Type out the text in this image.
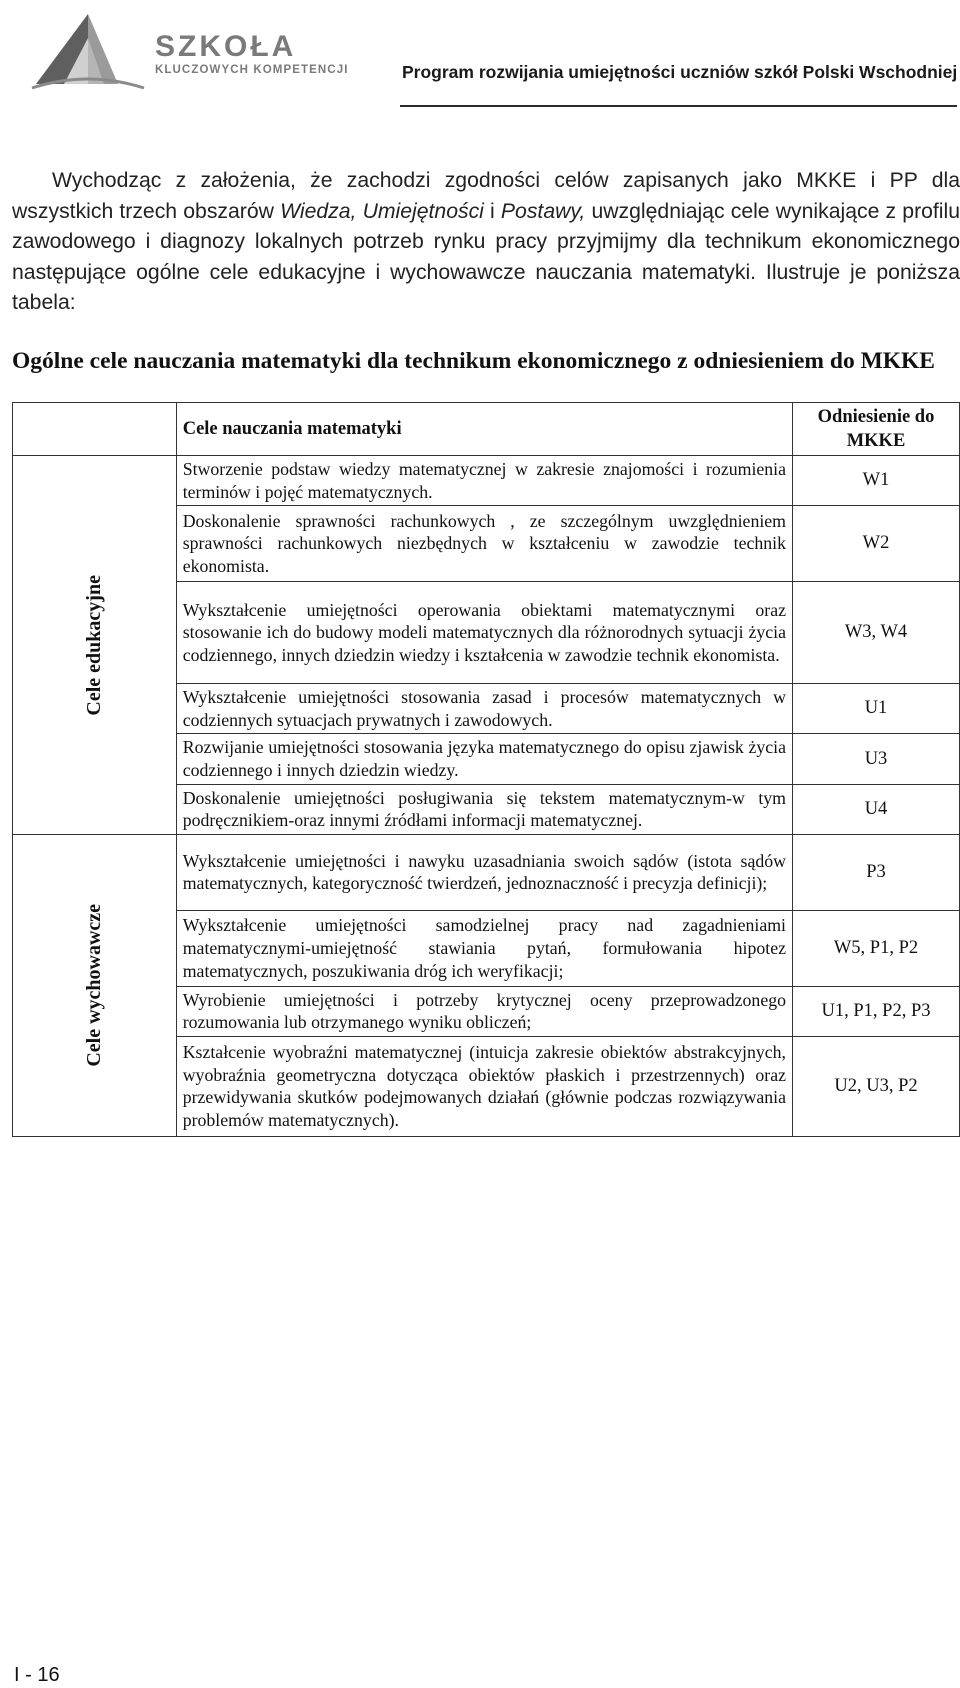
SZKOŁA
KLUCZOWYCH KOMPETENCJI	Program rozwijania umiejętności uczniów szkół Polski Wschodniej
Wychodząc z założenia, że zachodzi zgodności celów zapisanych jako MKKE i PP dla wszystkich trzech obszarów Wiedza, Umiejętności i Postawy, uwzględniając cele wynikające z profilu zawodowego i diagnozy lokalnych potrzeb rynku pracy przyjmijmy dla technikum ekonomicznego następujące ogólne cele edukacyjne i wychowawcze nauczania matematyki. Ilustruje je poniższa tabela:
Ogólne cele nauczania matematyki dla technikum ekonomicznego z odniesieniem do MKKE
	Cele nauczania matematyki	Odniesienie do MKKE
Cele edukacyjne	Stworzenie podstaw wiedzy matematycznej w zakresie znajomości i rozumienia terminów i pojęć matematycznych.	W1
	Doskonalenie sprawności rachunkowych , ze szczególnym uwzględnieniem sprawności rachunkowych niezbędnych w kształceniu w zawodzie technik ekonomista.	W2
	Wykształcenie umiejętności operowania obiektami matematycznymi oraz stosowanie ich do budowy modeli matematycznych dla różnorodnych sytuacji życia codziennego, innych dziedzin wiedzy i kształcenia w zawodzie technik ekonomista.	W3, W4
	Wykształcenie umiejętności stosowania zasad i procesów matematycznych w codziennych sytuacjach prywatnych i zawodowych.	U1
	Rozwijanie umiejętności stosowania języka matematycznego do opisu zjawisk życia codziennego i innych dziedzin wiedzy.	U3
	Doskonalenie umiejętności posługiwania się tekstem matematycznym-w tym podręcznikiem-oraz innymi źródłami informacji matematycznej.	U4
Cele wychowawcze	Wykształcenie umiejętności i nawyku uzasadniania swoich sądów (istota sądów matematycznych, kategoryczność twierdzeń, jednoznaczność i precyzja definicji);	P3
	Wykształcenie umiejętności samodzielnej pracy nad zagadnieniami matematycznymi-umiejętność stawiania pytań, formułowania hipotez matematycznych, poszukiwania dróg ich weryfikacji;	W5, P1, P2
	Wyrobienie umiejętności i potrzeby krytycznej oceny przeprowadzonego rozumowania lub otrzymanego wyniku obliczeń;	U1, P1, P2, P3
	Kształcenie wyobraźni matematycznej (intuicja zakresie obiektów abstrakcyjnych, wyobraźnia geometryczna dotycząca obiektów płaskich i przestrzennych) oraz przewidywania skutków podejmowanych działań (głównie podczas rozwiązywania problemów matematycznych).	U2, U3, P2
I - 16
